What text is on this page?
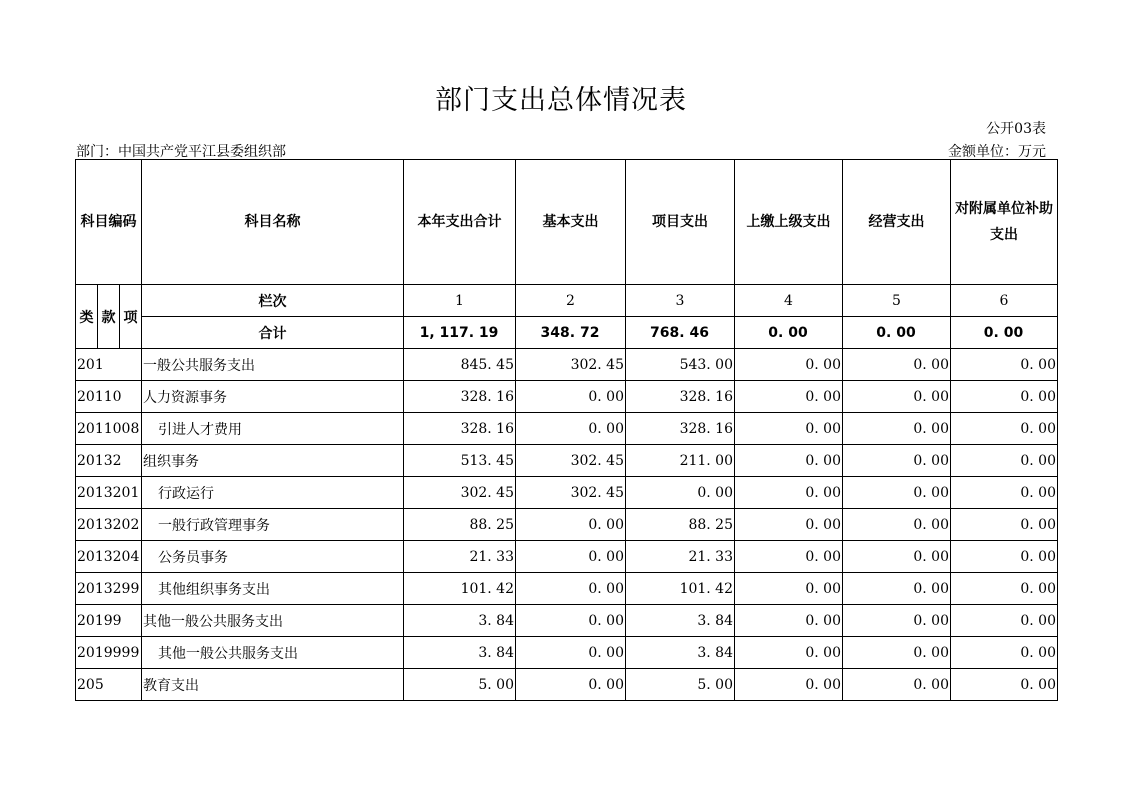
部门支出总体情况表
公开03表
部门：中国共产党平江县委组织部	金额单位：万元
科目编码			科目名称	本年支出合计	基本支出	项目支出	上缴上级支出	经营支出	对附属单位补助支出
类	款	项	栏次	1	2	3	4	5	6
			合计	1, 117. 19	348. 72	768. 46	0. 00	0. 00	0. 00
201			一般公共服务支出	845. 45	302. 45	543. 00	0. 00	0. 00	0. 00
20110			人力资源事务	328. 16	0. 00	328. 16	0. 00	0. 00	0. 00
2011008			引进人才费用	328. 16	0. 00	328. 16	0. 00	0. 00	0. 00
20132			组织事务	513. 45	302. 45	211. 00	0. 00	0. 00	0. 00
2013201			行政运行	302. 45	302. 45	0. 00	0. 00	0. 00	0. 00
2013202			一般行政管理事务	88. 25	0. 00	88. 25	0. 00	0. 00	0. 00
2013204			公务员事务	21. 33	0. 00	21. 33	0. 00	0. 00	0. 00
2013299			其他组织事务支出	101. 42	0. 00	101. 42	0. 00	0. 00	0. 00
20199			其他一般公共服务支出	3. 84	0. 00	3. 84	0. 00	0. 00	0. 00
2019999			其他一般公共服务支出	3. 84	0. 00	3. 84	0. 00	0. 00	0. 00
205			教育支出	5. 00	0. 00	5. 00	0. 00	0. 00	0. 00
